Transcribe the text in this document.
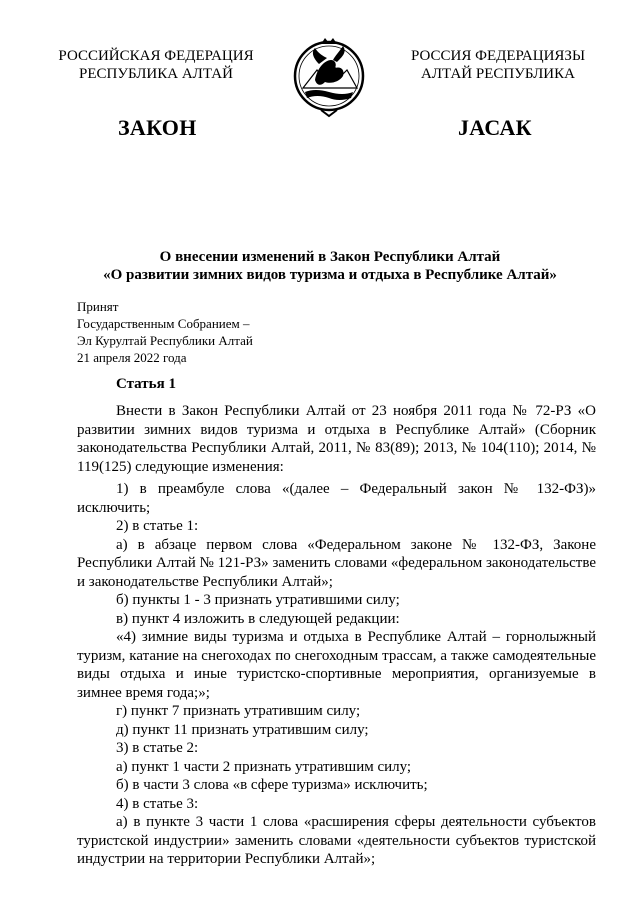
РОССИЙСКАЯ ФЕДЕРАЦИЯ
РЕСПУБЛИКА АЛТАЙ
РОССИЯ ФЕДЕРАЦИЯЗЫ
АЛТАЙ РЕСПУБЛИКА
ЗАКОН	ЈАСАК
О внесении изменений в Закон Республики Алтай
«О развитии зимних видов туризма и отдыха в Республике Алтай»
Принят
Государственным Собранием –
Эл Курултай Республики Алтай
21 апреля 2022 года
Статья 1

Внести в Закон Республики Алтай от 23 ноября 2011 года № 72-РЗ «О развитии зимних видов туризма и отдыха в Республике Алтай» (Сборник законодательства Республики Алтай, 2011, № 83(89); 2013, № 104(110); 2014, № 119(125) следующие изменения:

1) в преамбуле слова «(далее – Федеральный закон № 132-ФЗ)» исключить;

2) в статье 1:

а) в абзаце первом слова «Федеральном законе № 132-ФЗ, Законе Республики Алтай № 121-РЗ» заменить словами «федеральном законодательстве и законодательстве Республики Алтай»;

б) пункты 1 - 3 признать утратившими силу;

в) пункт 4 изложить в следующей редакции:

«4) зимние виды туризма и отдыха в Республике Алтай – горнолыжный туризм, катание на снегоходах по снегоходным трассам, а также самодеятельные виды отдыха и иные туристско-спортивные мероприятия, организуемые в зимнее время года;»;

г) пункт 7 признать утратившим силу;

д) пункт 11 признать утратившим силу;

3) в статье 2:

а) пункт 1 части 2 признать утратившим силу;

б) в части 3 слова «в сфере туризма» исключить;

4) в статье 3:

а) в пункте 3 части 1 слова «расширения сферы деятельности субъектов туристской индустрии» заменить словами «деятельности субъектов туристской индустрии на территории Республики Алтай»;
